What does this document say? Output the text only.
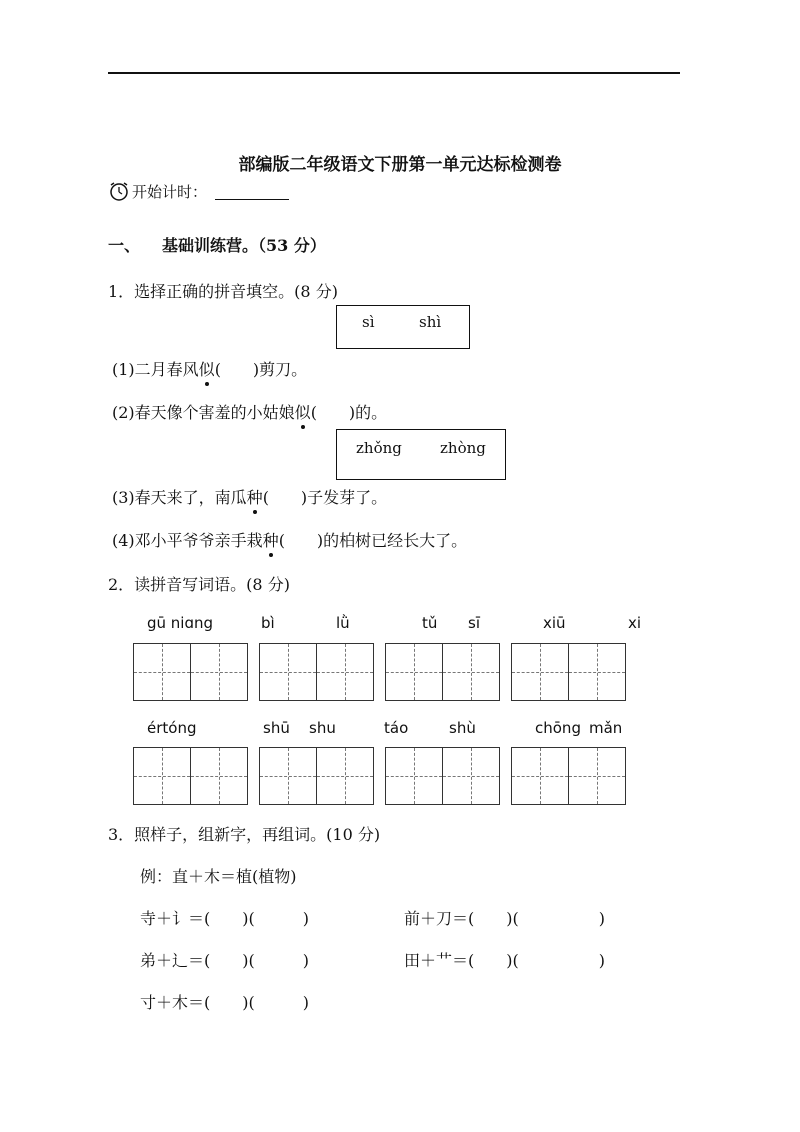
部编版二年级语文下册第一单元达标检测卷
开始计时：
一、 基础训练营。（53 分）
1．选择正确的拼音填空。(8 分)
sì	shì
(1)二月春风似(　　)剪刀。
(2)春天像个害羞的小姑娘似(　　)的。
zhǒng	zhòng
(3)春天来了，南瓜种(　　)子发芽了。
(4)邓小平爷爷亲手栽种(　　)的柏树已经长大了。
2．读拼音写词语。(8 分)
gū niɑng	bì	lǜ	tǔ sī	xiū	xi
értóng	shū shu	táo	shù	chōng mǎn
3．照样子，组新字，再组词。(10 分)
例：直＋木＝植(植物)
寺＋讠＝(　　)(　　　)	前＋刀＝(　　)(　　　　　)
弟＋辶＝(　　)(　　　)	田＋艹＝(　　)(　　　　　)
寸＋木＝(　　)(　　　)
